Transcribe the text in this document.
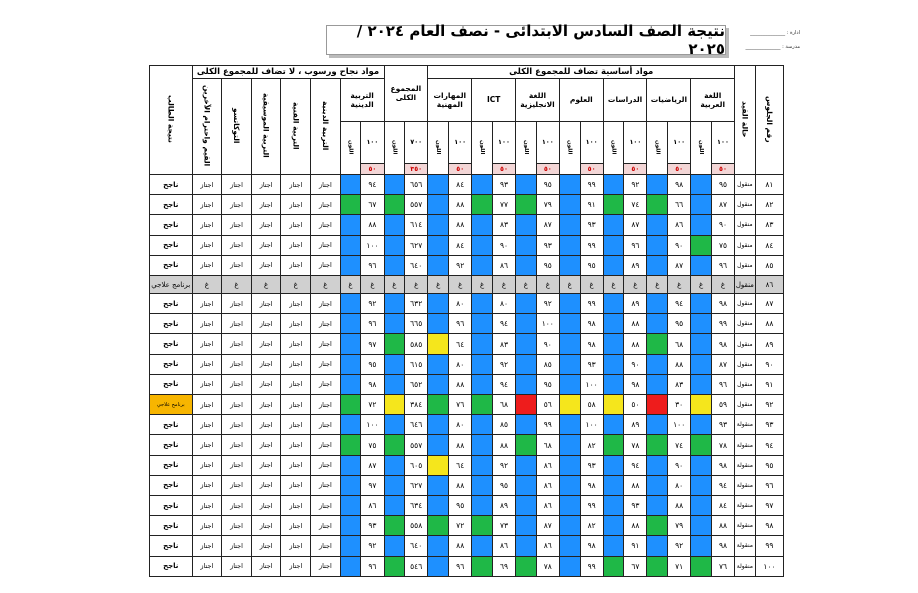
نتيجة الصف السادس الابتدائى - نصف العام ٢٠٢٤ / ٢٠٢٥
ادارة : ______________
مدرسة : ______________
رقم الجلوس	حالة القيد	مواد أساسية تضاف للمجموع الكلى														المجموع الكلى		مواد نجاح ورسوب ، لا تضاف للمجموع الكلى							نتيجة الطالب
		اللغة العربية		الرياضيات		الدراسات		العلوم		اللغة الانجليزية		ICT		المهارات المهنية				التربية الدينية		التربية الدينية	التربية الفنية	التربية الموسيقية	التوكاتسو	القيم واحترام الآخرين	
		١٠٠	اللون	١٠٠	اللون	١٠٠	اللون	١٠٠	اللون	١٠٠	اللون	١٠٠	اللون	١٠٠	اللون	٧٠٠	اللون	١٠٠	اللون						
		٥٠		٥٠		٥٠		٥٠		٥٠		٥٠		٥٠		٣٥٠		٥٠							
٨١	منقول	٩٥		٩٨		٩٢		٩٩		٩٥		٩٣		٨٤		٦٥٦		٩٤		اجتاز	اجتاز	اجتاز	اجتاز	اجتاز	ناجح
٨٢	منقول	٨٧		٦٦		٧٤		٩١		٧٩		٧٧		٨٨		٥٥٧		٦٧		اجتاز	اجتاز	اجتاز	اجتاز	اجتاز	ناجح
٨٣	منقول	٩٠		٨٦		٨٧		٩٣		٨٧		٨٣		٨٨		٦١٤		٨٨		اجتاز	اجتاز	اجتاز	اجتاز	اجتاز	ناجح
٨٤	منقول	٧٥		٩٠		٩٦		٩٩		٩٣		٩٠		٨٤		٦٢٧		١٠٠		اجتاز	اجتاز	اجتاز	اجتاز	اجتاز	ناجح
٨٥	منقول	٩٦		٨٧		٨٩		٩٥		٩٥		٨٦		٩٢		٦٤٠		٩٦		اجتاز	اجتاز	اجتاز	اجتاز	اجتاز	ناجح
٨٦	منقول	غ	غ	غ	غ	غ	غ	غ	غ	غ	غ	غ	غ	غ	غ	غ	غ	غ	غ	غ	غ	غ	غ	غ	برنامج علاجي
٨٧	منقول	٩٨		٩٤		٨٩		٩٩		٩٢		٨٠		٨٠		٦٣٢		٩٢		اجتاز	اجتاز	اجتاز	اجتاز	اجتاز	ناجح
٨٨	منقول	٩٩		٩٥		٨٨		٩٨		١٠٠		٩٤		٩٦		٦٦٥		٩٦		اجتاز	اجتاز	اجتاز	اجتاز	اجتاز	ناجح
٨٩	منقول	٩٨		٦٨		٨٨		٩٨		٩٠		٨٣		٦٤		٥٨٥		٩٧		اجتاز	اجتاز	اجتاز	اجتاز	اجتاز	ناجح
٩٠	منقول	٨٧		٨٨		٩٠		٩٣		٨٥		٩٢		٨٠		٦١٥		٩٥		اجتاز	اجتاز	اجتاز	اجتاز	اجتاز	ناجح
٩١	منقول	٩٦		٨٣		٩٨		١٠٠		٩٥		٩٤		٨٨		٦٥٢		٩٨		اجتاز	اجتاز	اجتاز	اجتاز	اجتاز	ناجح
٩٢	منقول	٥٩		٣٠		٥٠		٥٨		٥٦		٦٨		٧٦		٣٨٤		٧٢		اجتاز	اجتاز	اجتاز	اجتاز	اجتاز	برنامج علاجي
٩٣	منقولة	٩٣		١٠٠		٨٩		١٠٠		٩٩		٨٥		٨٠		٦٤٦		١٠٠		اجتاز	اجتاز	اجتاز	اجتاز	اجتاز	ناجح
٩٤	منقولة	٧٨		٧٤		٧٨		٨٢		٦٨		٨٨		٨٨		٥٥٧		٧٥		اجتاز	اجتاز	اجتاز	اجتاز	اجتاز	ناجح
٩٥	منقولة	٩٨		٩٠		٩٤		٩٣		٨٦		٩٢		٦٤		٦٠٥		٨٧		اجتاز	اجتاز	اجتاز	اجتاز	اجتاز	ناجح
٩٦	منقولة	٩٤		٨٠		٨٨		٩٨		٨٦		٩٥		٨٨		٦٢٧		٩٧		اجتاز	اجتاز	اجتاز	اجتاز	اجتاز	ناجح
٩٧	منقولة	٨٤		٨٨		٩٣		٩٩		٨٦		٨٩		٩٥		٦٣٤		٨٦		اجتاز	اجتاز	اجتاز	اجتاز	اجتاز	ناجح
٩٨	منقولة	٨٨		٧٩		٨٨		٨٢		٨٧		٧٣		٧٢		٥٥٨		٩٣		اجتاز	اجتاز	اجتاز	اجتاز	اجتاز	ناجح
٩٩	منقولة	٩٨		٩٢		٩١		٩٨		٨٦		٨٦		٨٨		٦٤٠		٩٢		اجتاز	اجتاز	اجتاز	اجتاز	اجتاز	ناجح
١٠٠	منقولة	٧٦		٧١		٦٧		٩٩		٧٨		٦٩		٩٦		٥٤٦		٩٦		اجتاز	اجتاز	اجتاز	اجتاز	اجتاز	ناجح
